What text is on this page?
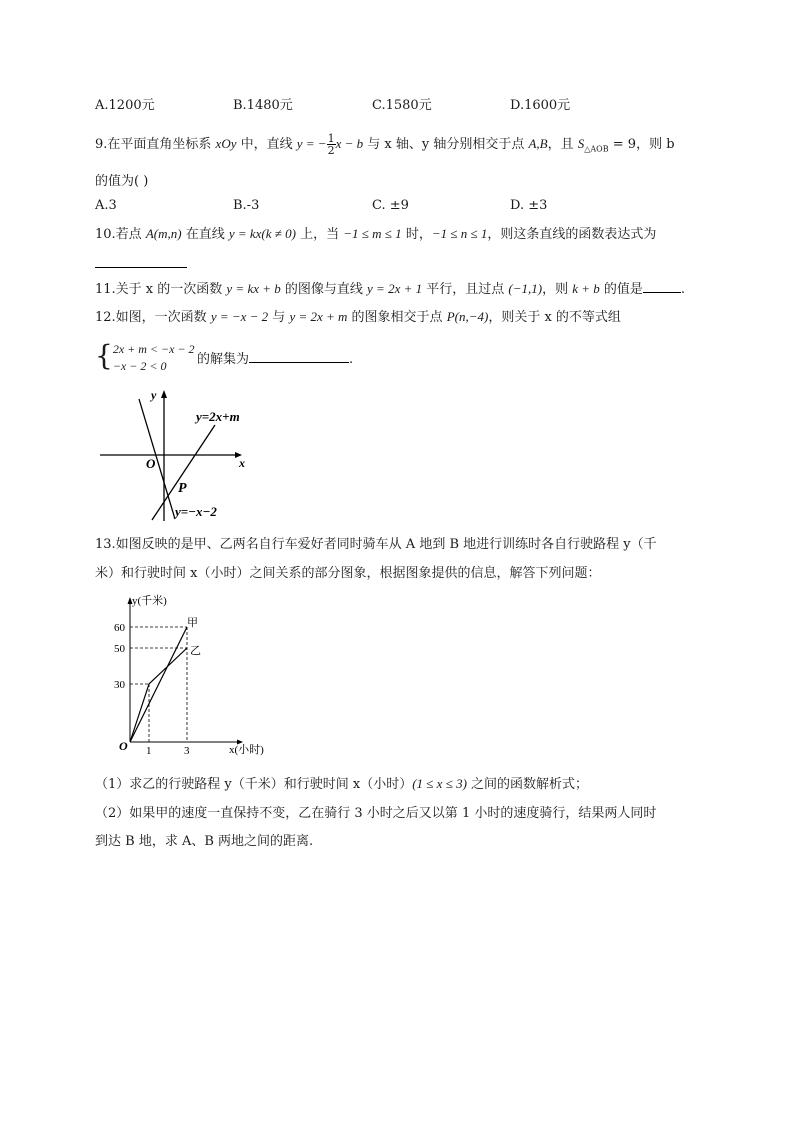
A.1200元	B.1480元	C.1580元	D.1600元
9.在平面直角坐标系 xOy 中，直线 y = − $\frac{1}{2}$ x − b 与 x 轴、y 轴分别相交于点 A,B，且 $S_{\triangle AOB} = 9$，则 b
的值为( )
A.3	B.-3	C. ±9	D. ±3
10.若点 A(m,n) 在直线 y = kx(k ≠ 0) 上，当 −1 ≤ m ≤ 1 时，−1 ≤ n ≤ 1，则这条直线的函数表达式为
11.关于 x 的一次函数 y = kx + b 的图像与直线 y = 2x + 1 平行，且过点 (−1,1)，则 k + b 的值是	.
12.如图，一次函数 y = −x − 2 与 y = 2x + m 的图象相交于点 P(n,−4)，则关于 x 的不等式组
{ 2x + m < −x − 2
−x − 2 < 0	的解集为	.
y
x
O
P
y=2x+m
y=−x−2
13.如图反映的是甲、乙两名自行车爱好者同时骑车从 A 地到 B 地进行训练时各自行驶路程 y（千
米）和行驶时间 x（小时）之间关系的部分图象，根据图象提供的信息，解答下列问题：
y(千米)
x(小时)
O
60
50
30
1	3
甲
乙
（1）求乙的行驶路程 y（千米）和行驶时间 x（小时）(1 ≤ x ≤ 3) 之间的函数解析式；
（2）如果甲的速度一直保持不变，乙在骑行 3 小时之后又以第 1 小时的速度骑行，结果两人同时
到达 B 地，求 A、B 两地之间的距离.
